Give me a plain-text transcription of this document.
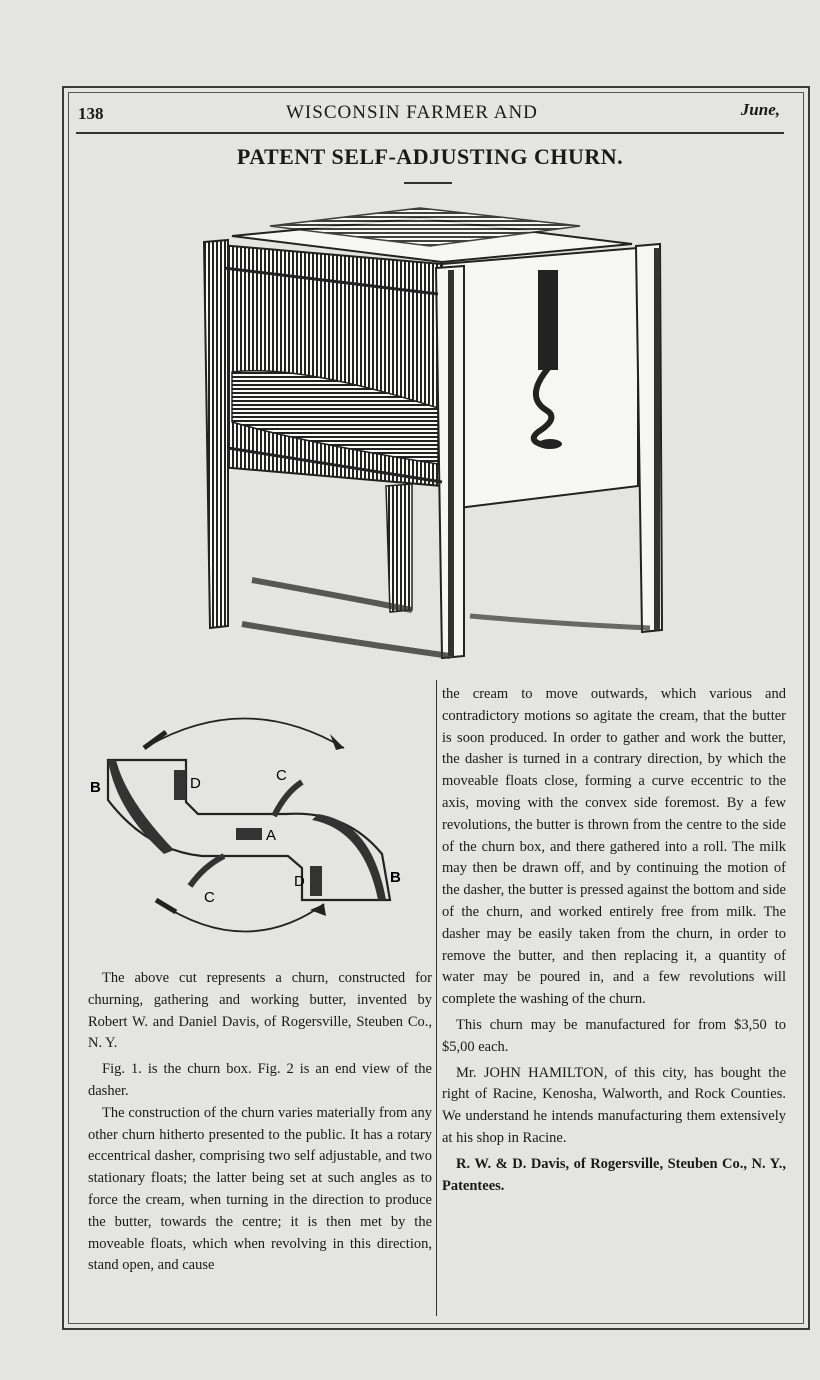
138	WISCONSIN FARMER AND	June,
PATENT SELF-ADJUSTING CHURN.
B	D	C
A
D	B
C

The above cut represents a churn, constructed for churning, gathering and working butter, invented by Robert W. and Daniel Davis, of Rogersville, Steuben Co., N. Y.

Fig. 1. is the churn box. Fig. 2 is an end view of the dasher.

The construction of the churn varies materially from any other churn hitherto presented to the public. It has a rotary eccentrical dasher, comprising two self adjustable, and two stationary floats; the latter being set at such angles as to force the cream, when turning in the direction to produce the butter, towards the centre; it is then met by the moveable floats, which when revolving in this direction, stand open, and cause

the cream to move outwards, which various and contradictory motions so agitate the cream, that the butter is soon produced. In order to gather and work the butter, the dasher is turned in a contrary direction, by which the moveable floats close, forming a curve eccentric to the axis, moving with the convex side foremost. By a few revolutions, the butter is thrown from the centre to the side of the churn box, and there gathered into a roll. The milk may then be drawn off, and by continuing the motion of the dasher, the butter is pressed against the bottom and side of the churn, and worked entirely free from milk. The dasher may be easily taken from the churn, in order to remove the butter, and then replacing it, a quantity of water may be poured in, and a few revolutions will complete the washing of the churn.

This churn may be manufactured for from $3,50 to $5,00 each.

Mr. JOHN HAMILTON, of this city, has bought the right of Racine, Kenosha, Walworth, and Rock Counties. We understand he intends manufacturing them extensively at his shop in Racine.

R. W. & D. Davis, of Rogersville, Steuben Co., N. Y., Patentees.
